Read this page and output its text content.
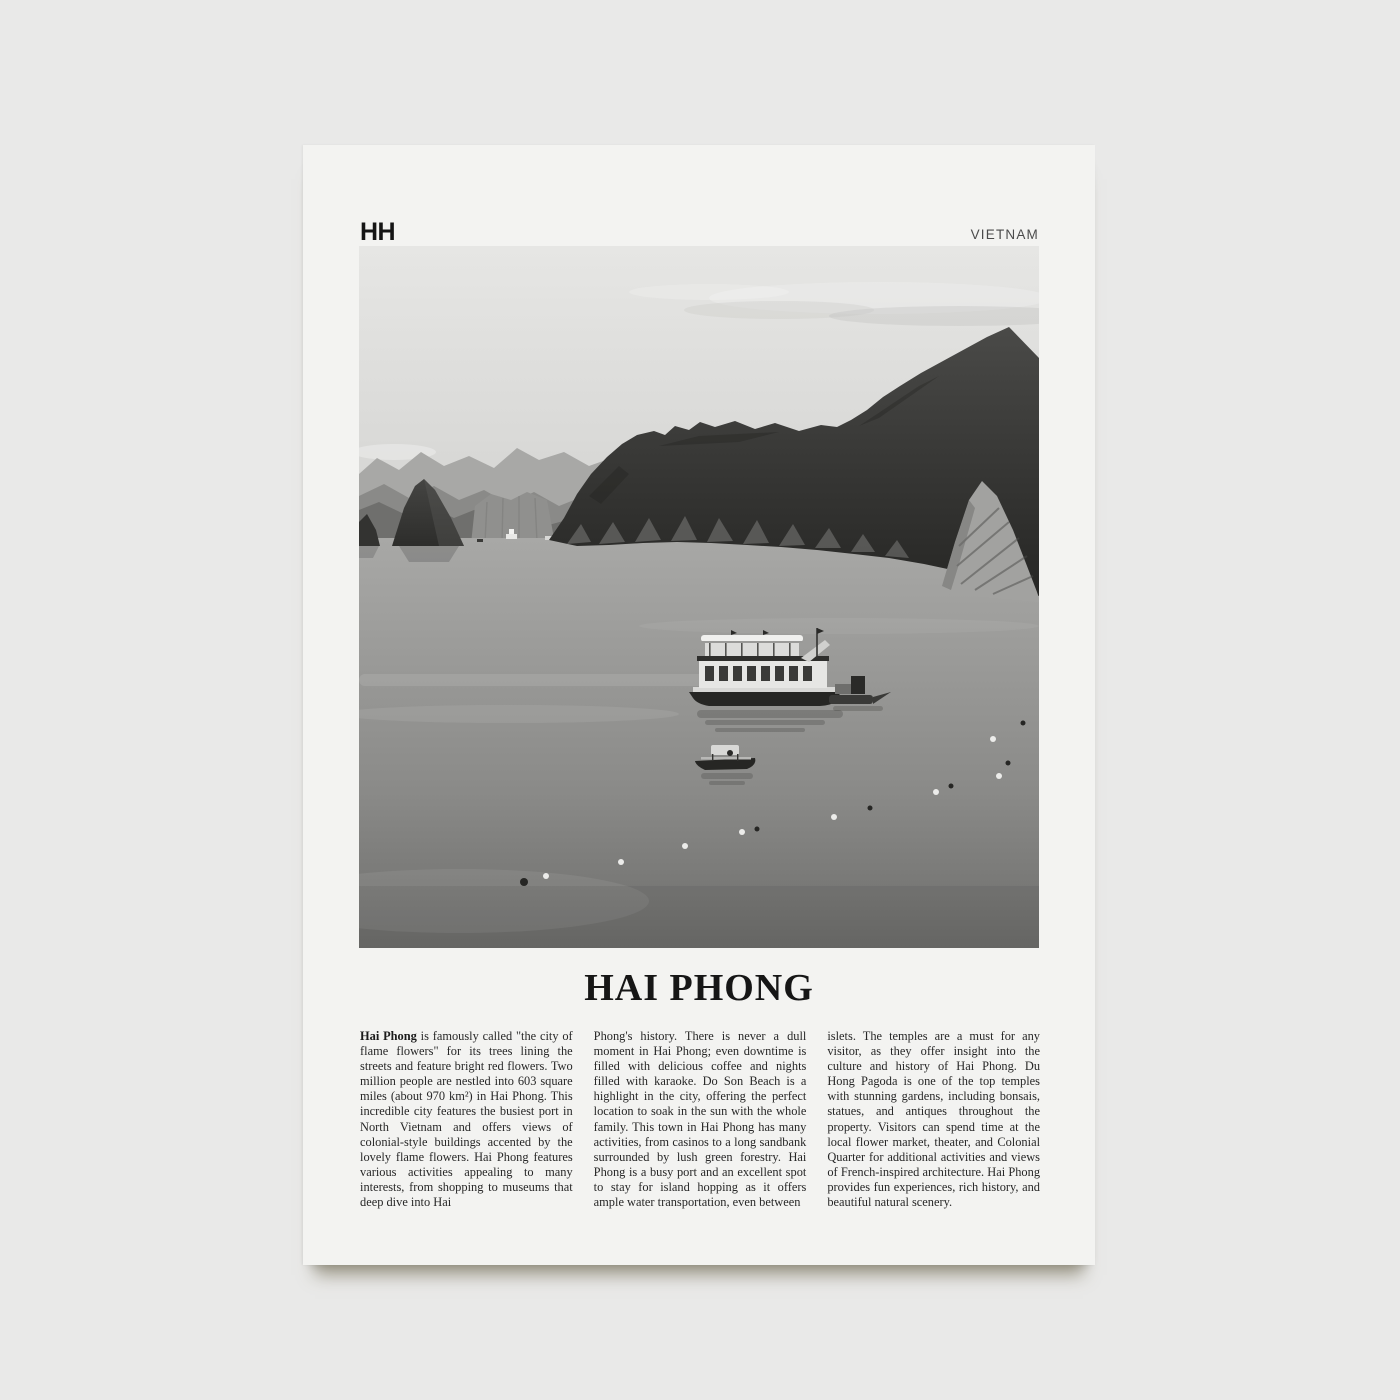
HH	VIETNAM
HAI PHONG

Hai Phong is famously called "the city of flame flowers" for its trees lining the streets and feature bright red flowers. Two million people are nestled into 603 square miles (about 970 km²) in Hai Phong. This incredible city features the busiest port in North Vietnam and offers views of colonial-style buildings accented by the lovely flame flowers. Hai Phong features various activities appealing to many interests, from shopping to museums that deep dive into Hai

Phong's history. There is never a dull moment in Hai Phong; even downtime is filled with delicious coffee and nights filled with karaoke. Do Son Beach is a highlight in the city, offering the perfect location to soak in the sun with the whole family. This town in Hai Phong has many activities, from casinos to a long sandbank surrounded by lush green forestry. Hai Phong is a busy port and an excellent spot to stay for island hopping as it offers ample water transportation, even between

islets. The temples are a must for any visitor, as they offer insight into the culture and history of Hai Phong. Du Hong Pagoda is one of the top temples with stunning gardens, including bonsais, statues, and antiques throughout the property. Visitors can spend time at the local flower market, theater, and Colonial Quarter for additional activities and views of French-inspired architecture. Hai Phong provides fun experiences, rich history, and beautiful natural scenery.
